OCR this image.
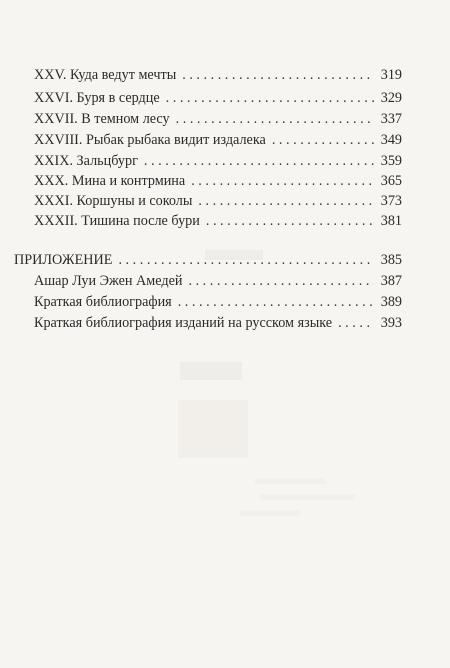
XXV. Куда ведут мечты . . .	319
XXVI. Буря в сердце . . .	329
XXVII. В темном лесу . . .	337
XXVIII. Рыбак рыбака видит издалека . . .	349
XXIX. Зальцбург . . .	359
XXX. Мина и контрмина . . .	365
XXXI. Коршуны и соколы . . .	373
XXXII. Тишина после бури . . .	381
ПРИЛОЖЕНИЕ . . .	385
Ашар Луи Эжен Амедей . . .	387
Краткая библиография . . .	389
Краткая библиография изданий на русском языке . . .	393
